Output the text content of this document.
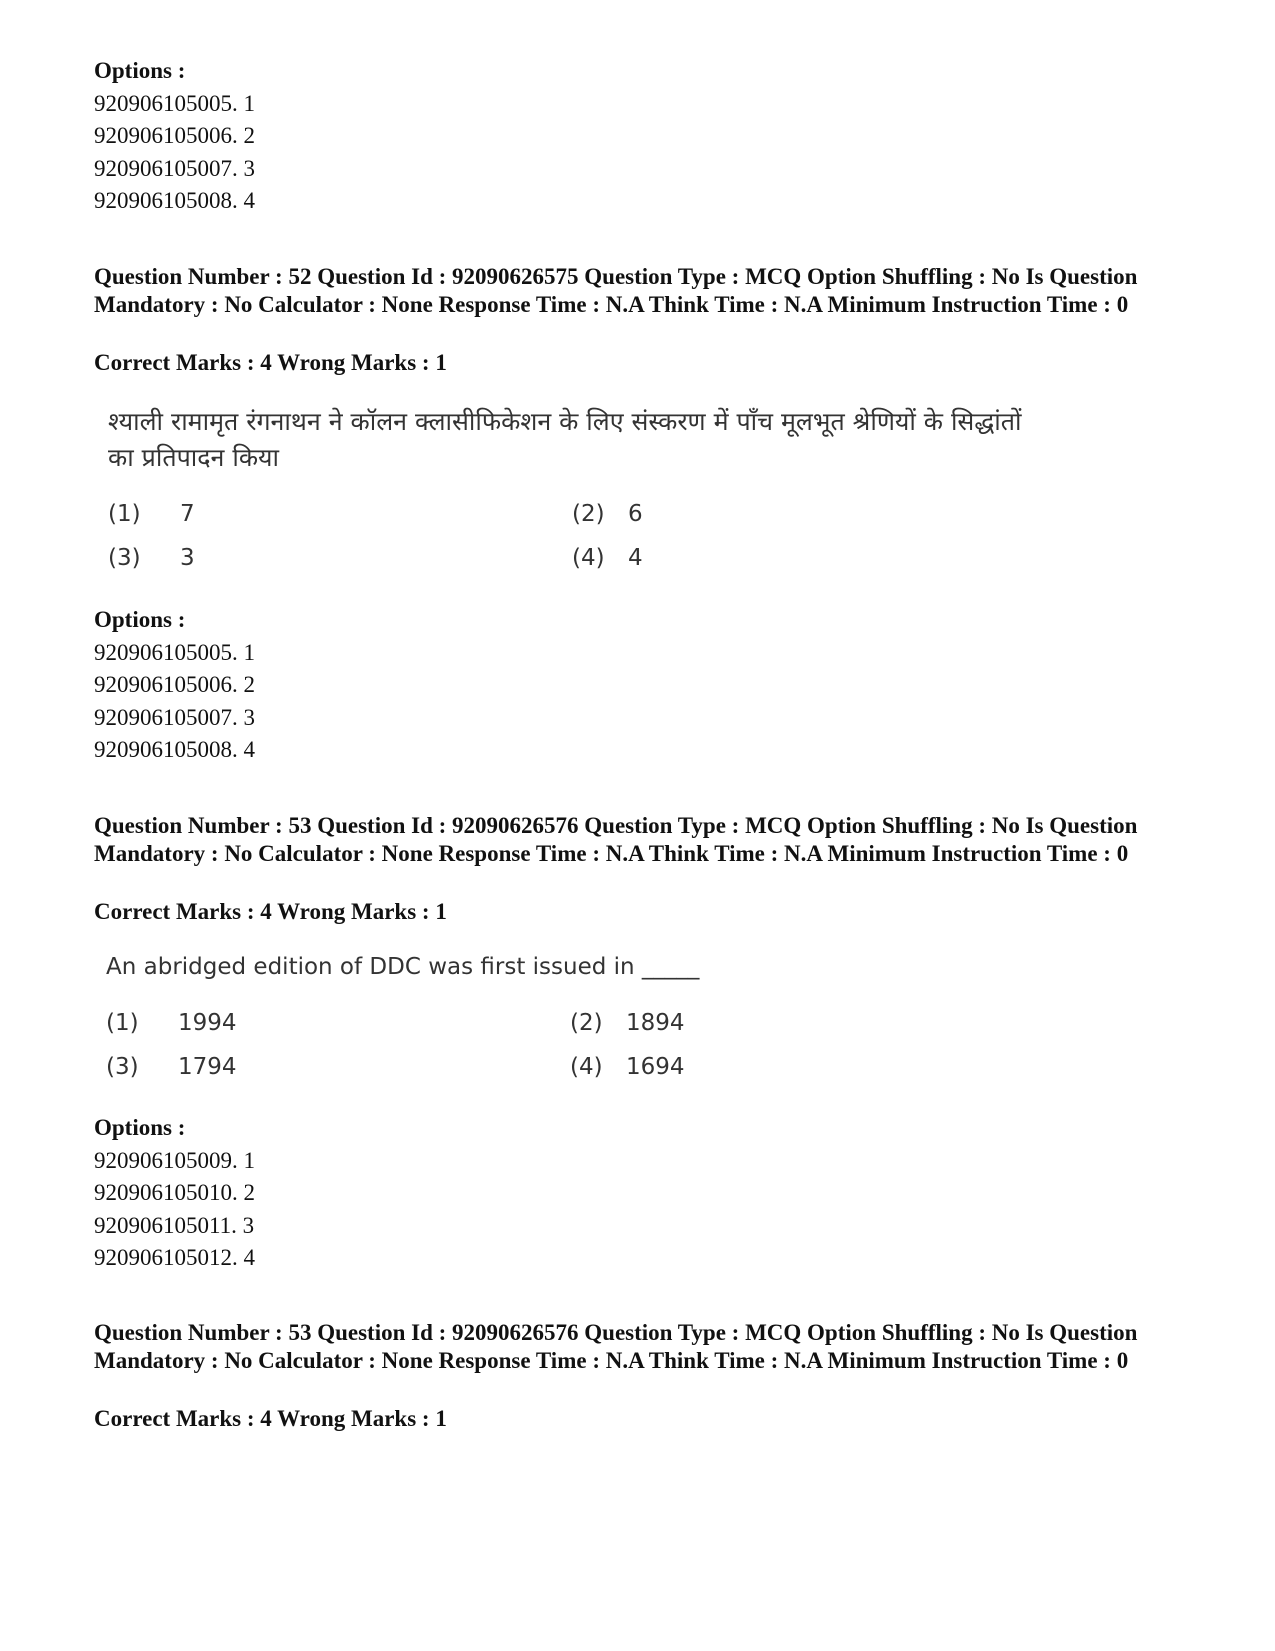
Options :
920906105005. 1
920906105006. 2
920906105007. 3
920906105008. 4
Question Number : 52 Question Id : 92090626575 Question Type : MCQ Option Shuffling : No Is Question Mandatory : No Calculator : None Response Time : N.A Think Time : N.A Minimum Instruction Time : 0
Correct Marks : 4 Wrong Marks : 1
श्याली रामामृत रंगनाथन ने कॉलन क्लासीफिकेशन के लिए संस्करण में पाँच मूलभूत श्रेणियों के सिद्धांतों
का प्रतिपादन किया
(1) 7	(2) 6
(3) 3	(4) 4
Options :
920906105005. 1
920906105006. 2
920906105007. 3
920906105008. 4
Question Number : 53 Question Id : 92090626576 Question Type : MCQ Option Shuffling : No Is Question Mandatory : No Calculator : None Response Time : N.A Think Time : N.A Minimum Instruction Time : 0
Correct Marks : 4 Wrong Marks : 1
An abridged edition of DDC was first issued in _____
(1) 1994	(2) 1894
(3) 1794	(4) 1694
Options :
920906105009. 1
920906105010. 2
920906105011. 3
920906105012. 4
Question Number : 53 Question Id : 92090626576 Question Type : MCQ Option Shuffling : No Is Question Mandatory : No Calculator : None Response Time : N.A Think Time : N.A Minimum Instruction Time : 0
Correct Marks : 4 Wrong Marks : 1
